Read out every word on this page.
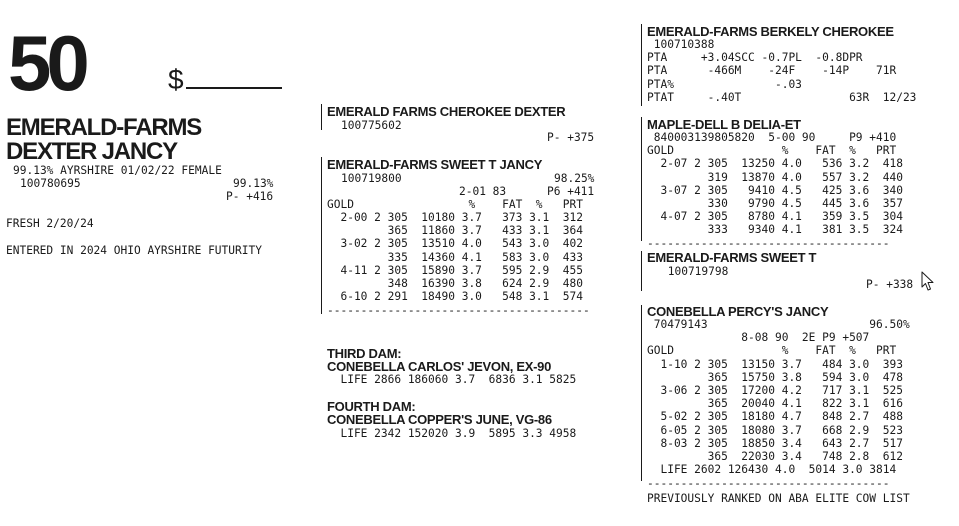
50	$
EMERALD-FARMS
DEXTER JANCY
99.13% AYRSHIRE 01/02/22 FEMALE
100780695	99.13%
P- +416
FRESH 2/20/24
ENTERED IN 2024 OHIO AYRSHIRE FUTURITY
EMERALD FARMS CHEROKEE DEXTER
100775602
P- +375
EMERALD-FARMS SWEET T JANCY
100719800	98.25%
2-01 83	P6 +411
GOLD                 %    FAT  %   PRT
2-00 2 305  10180 3.7   373 3.1  312
365  11860 3.7   433 3.1  364
3-02 2 305  13510 4.0   543 3.0  402
335  14360 4.1   583 3.0  433
4-11 2 305  15890 3.7   595 2.9  455
348  16390 3.8   624 2.9  480
6-10 2 291  18490 3.0   548 3.1  574
---------------------------------------
THIRD DAM:
CONEBELLA CARLOS' JEVON, EX-90
LIFE 2866 186060 3.7  6836 3.1 5825
FOURTH DAM:
CONEBELLA COPPER'S JUNE, VG-86
LIFE 2342 152020 3.9  5895 3.3 4958
EMERALD-FARMS BERKELY CHEROKEE
100710388
PTA     +3.04SCC -0.7PL  -0.8DPR
PTA      -466M    -24F    -14P    71R
PTA%               -.03
PTAT     -.40T                63R  12/23
MAPLE-DELL B DELIA-ET
840003139805820  5-00 90     P9 +410
GOLD                %    FAT  %   PRT
2-07 2 305  13250 4.0   536 3.2  418
319  13870 4.0   557 3.2  440
3-07 2 305   9410 4.5   425 3.6  340
330   9790 4.5   445 3.6  357
4-07 2 305   8780 4.1   359 3.5  304
333   9340 4.1   381 3.5  324
------------------------------------
EMERALD-FARMS SWEET T
100719798
P- +338
CONEBELLA PERCY'S JANCY
70479143                        96.50%
8-08 90  2E P9 +507
GOLD                %    FAT  %   PRT
1-10 2 305  13150 3.7   484 3.0  393
365  15750 3.8   594 3.0  478
3-06 2 305  17200 4.2   717 3.1  525
365  20040 4.1   822 3.1  616
5-02 2 305  18180 4.7   848 2.7  488
6-05 2 305  18080 3.7   668 2.9  523
8-03 2 305  18850 3.4   643 2.7  517
365  22030 3.4   748 2.8  612
LIFE 2602 126430 4.0  5014 3.0 3814
------------------------------------
PREVIOUSLY RANKED ON ABA ELITE COW LIST
